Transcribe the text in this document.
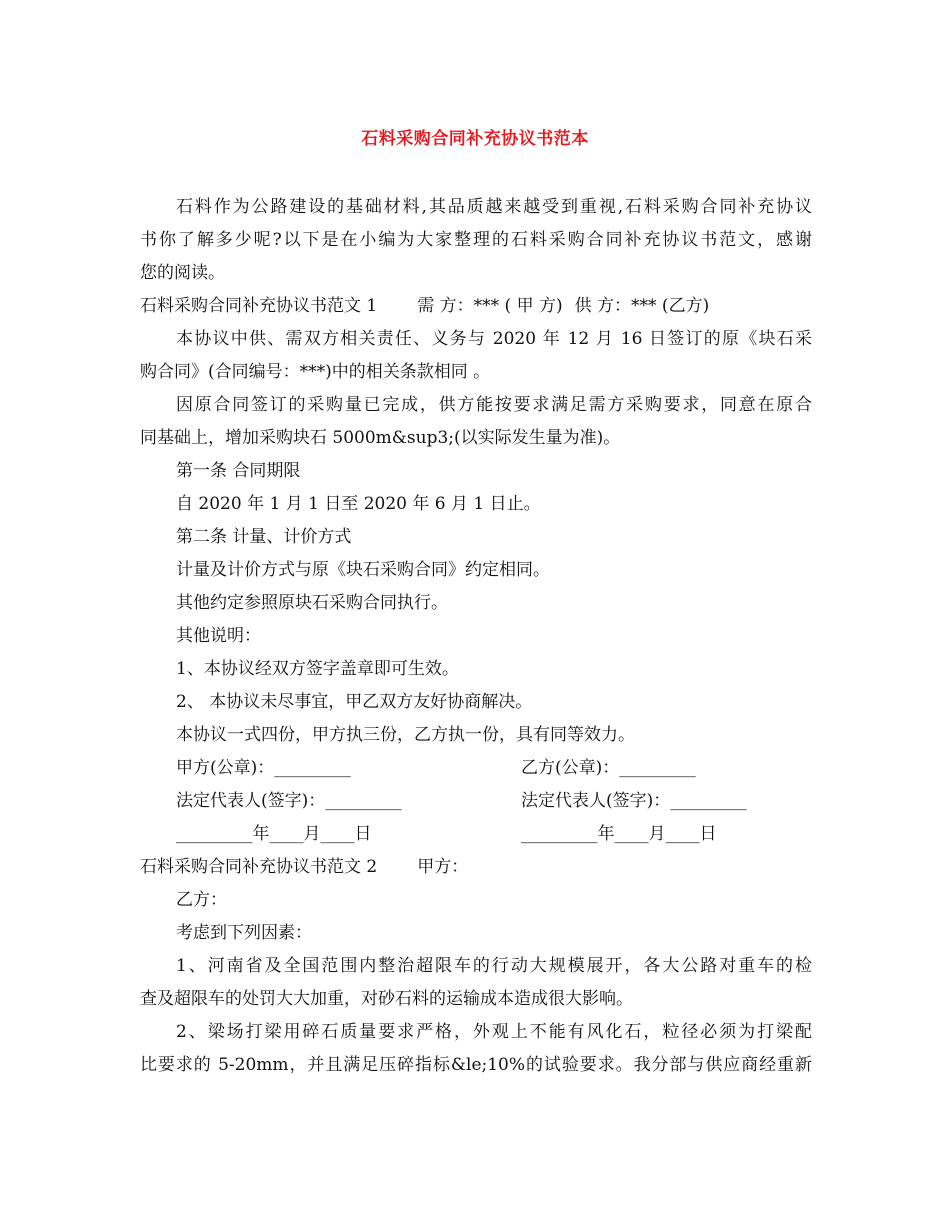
石料采购合同补充协议书范本
石料作为公路建设的基础材料,其品质越来越受到重视,石料采购合同补充协议
书你了解多少呢?以下是在小编为大家整理的石料采购合同补充协议书范文，感谢
您的阅读。
石料采购合同补充协议书范文 1 需 方：*** ( 甲 方) 供 方：*** (乙方)
本协议中供、需双方相关责任、义务与 2020 年 12 月 16 日签订的原《块石采
购合同》(合同编号：***)中的相关条款相同 。
因原合同签订的采购量已完成，供方能按要求满足需方采购要求，同意在原合
同基础上，增加采购块石 5000m&sup3;(以实际发生量为准)。
第一条 合同期限
自 2020 年 1 月 1 日至 2020 年 6 月 1 日止。
第二条 计量、计价方式
计量及计价方式与原《块石采购合同》约定相同。
其他约定参照原块石采购合同执行。
其他说明：
1、本协议经双方签字盖章即可生效。
2、 本协议未尽事宜，甲乙双方友好协商解决。
本协议一式四份，甲方执三份，乙方执一份，具有同等效力。
甲方(公章)：_________	乙方(公章)：_________
法定代表人(签字)：_________	法定代表人(签字)：_________
_________年____月____日	_________年____月____日
石料采购合同补充协议书范文 2 甲方：
乙方：
考虑到下列因素：
1、河南省及全国范围内整治超限车的行动大规模展开，各大公路对重车的检
查及超限车的处罚大大加重，对砂石料的运输成本造成很大影响。
2、梁场打梁用碎石质量要求严格，外观上不能有风化石，粒径必须为打梁配
比要求的 5-20mm，并且满足压碎指标&le;10%的试验要求。我分部与供应商经重新
